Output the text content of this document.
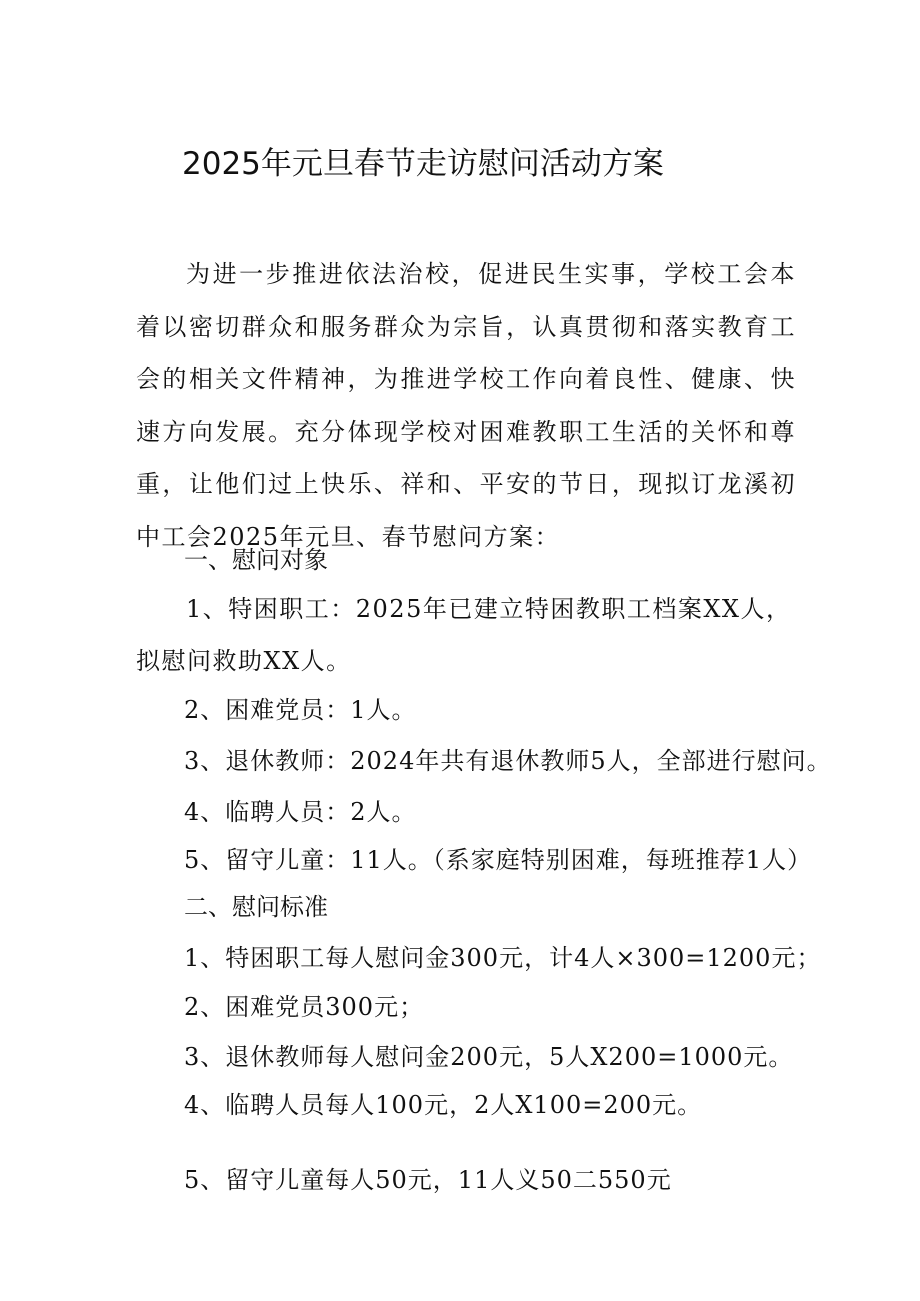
2025年元旦春节走访慰问活动方案

为进一步推进依法治校，促进民生实事，学校工会本着以密切群众和服务群众为宗旨，认真贯彻和落实教育工会的相关文件精神，为推进学校工作向着良性、健康、快速方向发展。充分体现学校对困难教职工生活的关怀和尊重，让他们过上快乐、祥和、平安的节日，现拟订龙溪初中工会2025年元旦、春节慰问方案：

一、慰问对象

1、特困职工：2025年已建立特困教职工档案XX人，拟慰问救助XX人。

2、困难党员：1人。
3、退休教师：2024年共有退休教师5人，全部进行慰问。
4、临聘人员：2人。
5、留守儿童：11人。（系家庭特别困难，每班推荐1人）
二、慰问标准
1、特困职工每人慰问金300元，计4人×300=1200元；
2、困难党员300元；
3、退休教师每人慰问金200元，5人X200=1000元。
4、临聘人员每人100元，2人X100=200元。
5、留守儿童每人50元，11人义50二550元
